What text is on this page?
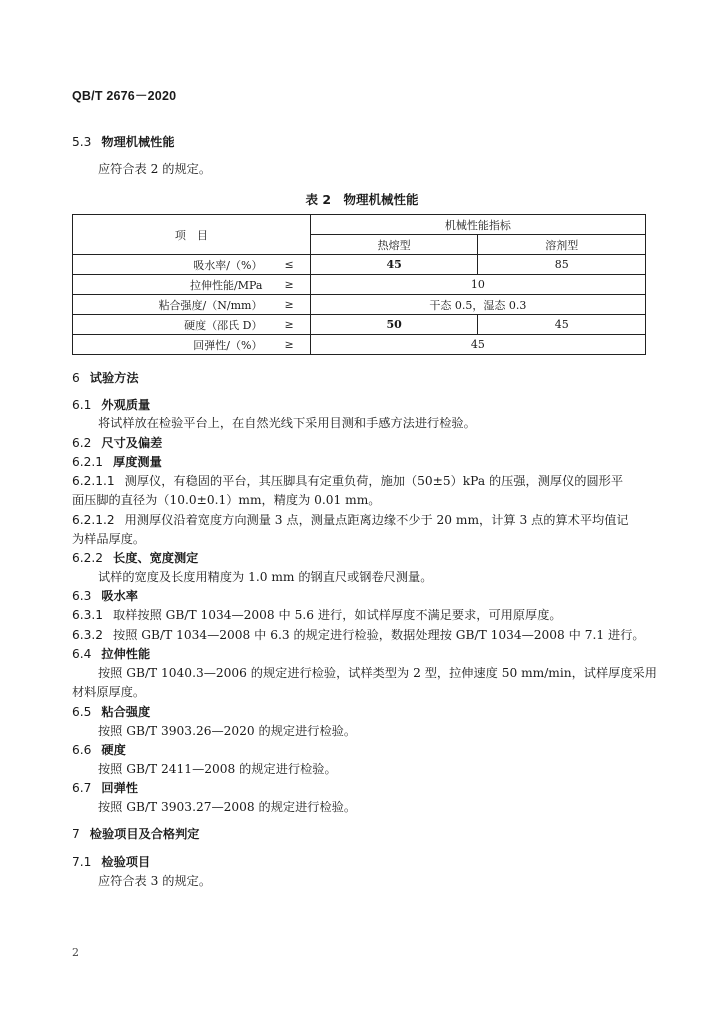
QB/T 2676－2020
5.3 物理机械性能
应符合表 2 的规定。
表 2　物理机械性能
项　目		机械性能指标	
		热熔型	溶剂型
吸水率/（%）	≤	45	85
拉伸性能/MPa	≥	10	
粘合强度/（N/mm）	≥	干态 0.5，湿态 0.3	
硬度（邵氏 D）	≥	50	45
回弹性/（%）	≥	45	
6 试验方法
6.1 外观质量
将试样放在检验平台上，在自然光线下采用目测和手感方法进行检验。
6.2 尺寸及偏差
6.2.1 厚度测量
6.2.1.1 测厚仪，有稳固的平台，其压脚具有定重负荷，施加（50±5）kPa 的压强，测厚仪的圆形平
面压脚的直径为（10.0±0.1）mm，精度为 0.01 mm。
6.2.1.2 用测厚仪沿着宽度方向测量 3 点，测量点距离边缘不少于 20 mm，计算 3 点的算术平均值记
为样品厚度。
6.2.2 长度、宽度测定
试样的宽度及长度用精度为 1.0 mm 的钢直尺或钢卷尺测量。
6.3 吸水率
6.3.1 取样按照 GB/T 1034—2008 中 5.6 进行，如试样厚度不满足要求，可用原厚度。
6.3.2 按照 GB/T 1034—2008 中 6.3 的规定进行检验，数据处理按 GB/T 1034—2008 中 7.1 进行。
6.4 拉伸性能
按照 GB/T 1040.3—2006 的规定进行检验，试样类型为 2 型，拉伸速度 50 mm/min，试样厚度采用
材料原厚度。
6.5 粘合强度
按照 GB/T 3903.26—2020 的规定进行检验。
6.6 硬度
按照 GB/T 2411—2008 的规定进行检验。
6.7 回弹性
按照 GB/T 3903.27—2008 的规定进行检验。
7 检验项目及合格判定
7.1 检验项目
应符合表 3 的规定。
2
